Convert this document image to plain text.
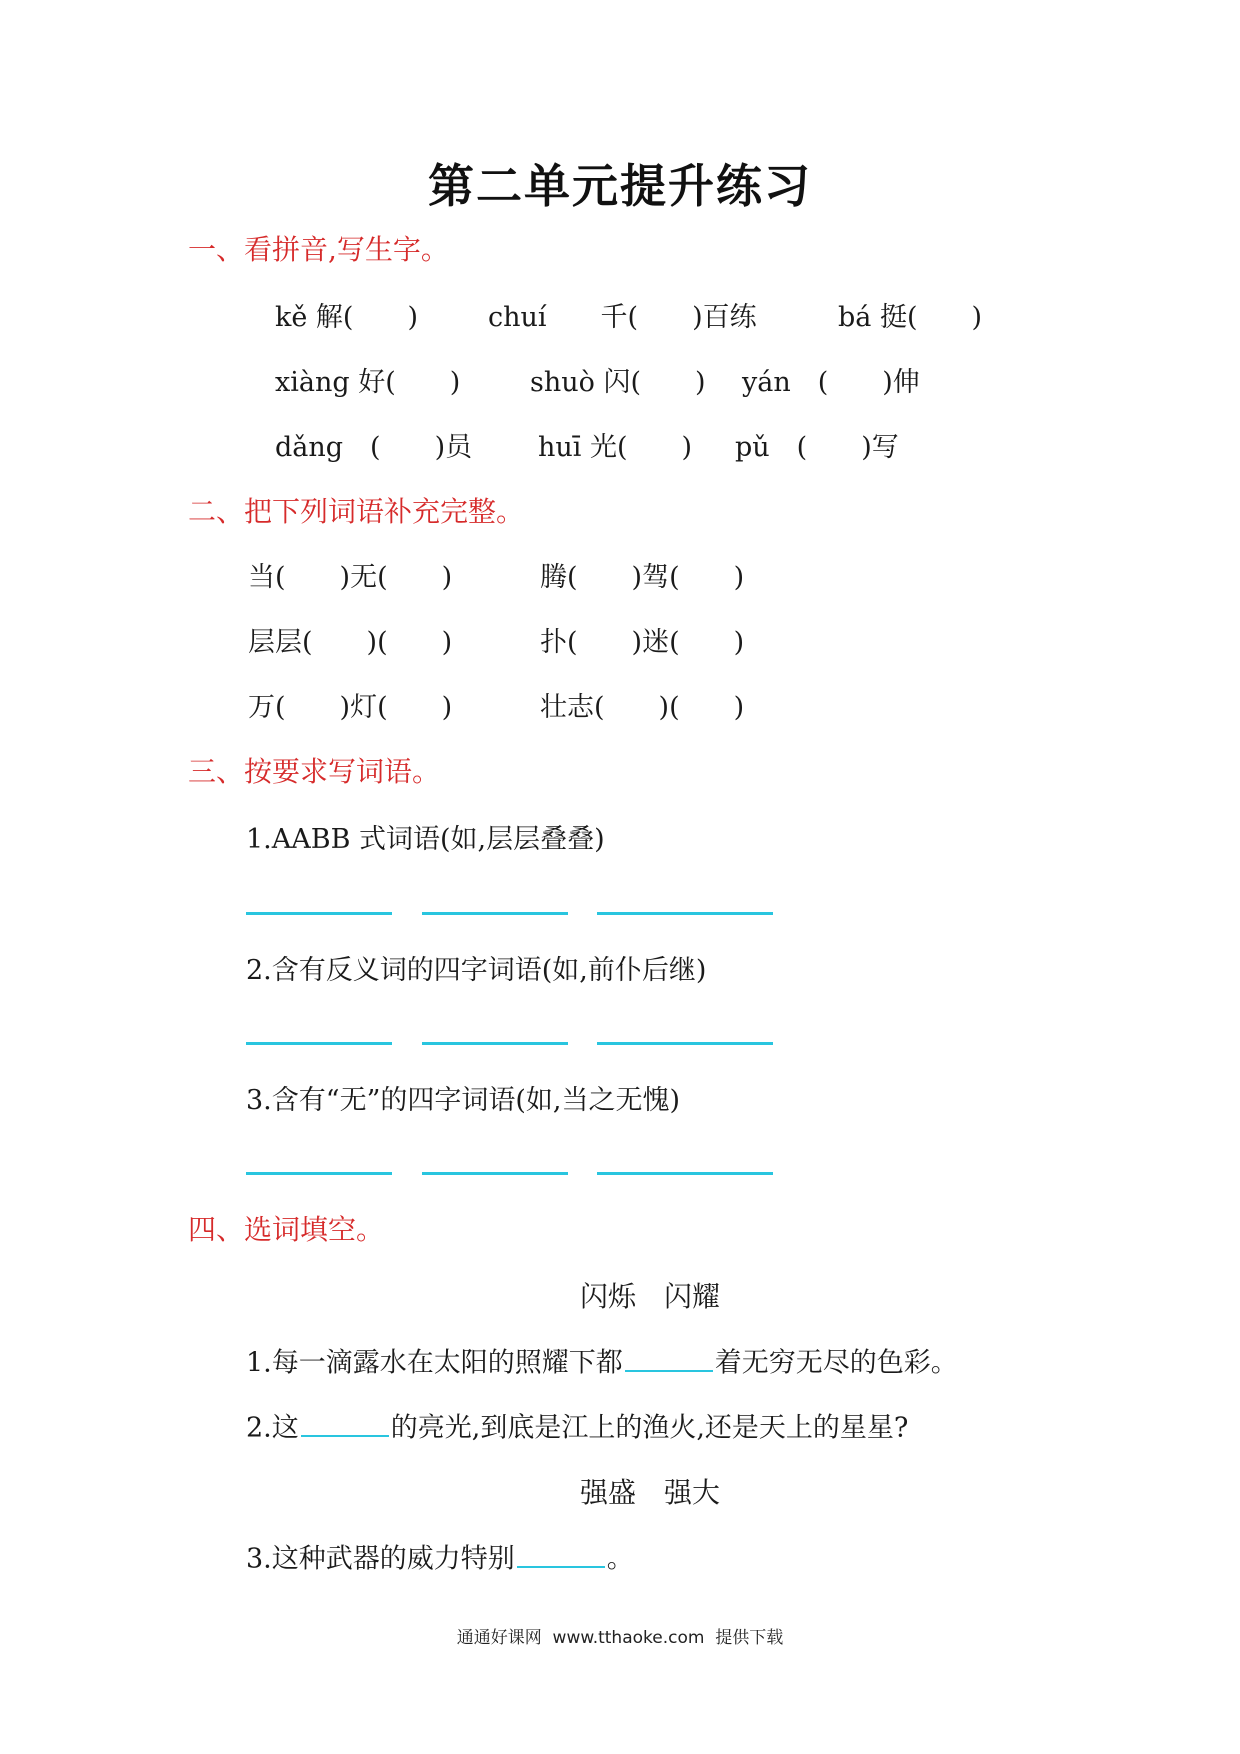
第二单元提升练习
一、看拼音,写生字。
kě 解(　　)	chuí　　千(　　)百练	bá 挺(　　)
xiàng 好(　　)	shuò 闪(　　) yán　(　　)伸
dǎng　(　　)员 huī 光(　　) pǔ　(　　)写
二、把下列词语补充完整。
当(　　)无(　　)	腾(　　)驾(　　)
层层(　　)(　　)	扑(　　)迷(　　)
万(　　)灯(　　)	壮志(　　)(　　)
三、按要求写词语。
1.AABB 式词语(如,层层叠叠)
2.含有反义词的四字词语(如,前仆后继)
3.含有“无”的四字词语(如,当之无愧)
四、选词填空。
闪烁　闪耀
1.每一滴露水在太阳的照耀下都	着无穷无尽的色彩。
2.这	的亮光,到底是江上的渔火,还是天上的星星?
强盛　强大
3.这种武器的威力特别	。
通通好课网  www.tthaoke.com  提供下载
